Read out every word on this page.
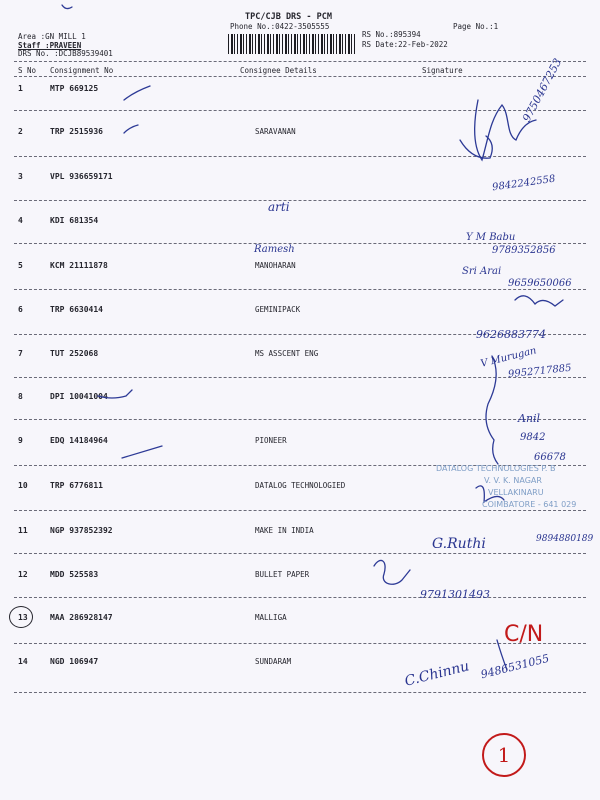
TPC/CJB DRS - PCM
Phone No.:0422-3505555
Area :GN MILL 1
Staff :PRAVEEN
DRS No. :DCJB89539401
RS No.:895394
RS Date:22-Feb-2022
Page No.:1
S No Consignment No	Consignee Details	Signature
1	MTP 669125
2	TRP 2515936	SARAVANAN
3	VPL 936659171
4	KDI 681354
5	KCM 21111878	MANOHARAN
6	TRP 6630414	GEMINIPACK
7	TUT 252068	MS ASSCENT ENG
8	DPI 10041004
9	EDQ 14184964	PIONEER
10	TRP 6776811	DATALOG TECHNOLOGIED
11	NGP 937852392	MAKE IN INDIA
12	MDD 525583	BULLET PAPER
13	MAA 286928147	MALLIGA
14	NGD 106947	SUNDARAM
9750467253
9842242558
arti
Ramesh
Y M Babu
9789352856
Sri Arai
9659650066
9626883774
V Murugan
9952717885
Anil
9842
66678
G.Ruthi	9894880189
9791301493
C.Chinnu 9486531055
DATALOG TECHNOLOGIES P. B
V. V. K. NAGAR
VELLAKINARU
COIMBATORE - 641 029
C/N
1
